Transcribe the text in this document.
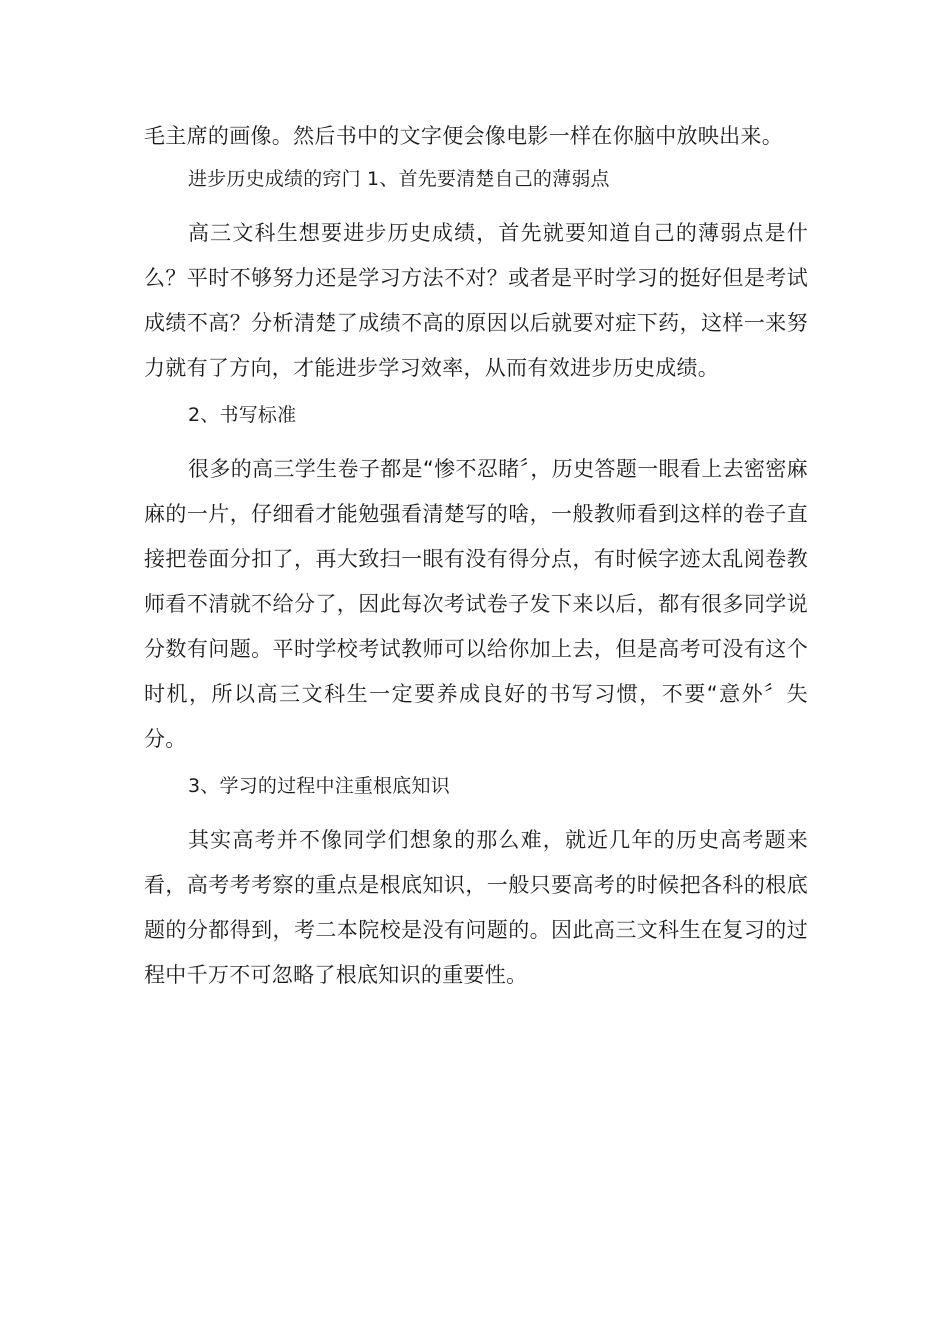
毛主席的画像。然后书中的文字便会像电影一样在你脑中放映出来。

进步历史成绩的窍门 1、首先要清楚自己的薄弱点

高三文科生想要进步历史成绩，首先就要知道自己的薄弱点是什么？平时不够努力还是学习方法不对？或者是平时学习的挺好但是考试成绩不高？分析清楚了成绩不高的原因以后就要对症下药，这样一来努力就有了方向，才能进步学习效率，从而有效进步历史成绩。

2、书写标准

很多的高三学生卷子都是“惨不忍睹〞，历史答题一眼看上去密密麻麻的一片，仔细看才能勉强看清楚写的啥，一般教师看到这样的卷子直接把卷面分扣了，再大致扫一眼有没有得分点，有时候字迹太乱阅卷教师看不清就不给分了，因此每次考试卷子发下来以后，都有很多同学说分数有问题。平时学校考试教师可以给你加上去，但是高考可没有这个时机，所以高三文科生一定要养成良好的书写习惯，不要“意外〞失分。

3、学习的过程中注重根底知识

其实高考并不像同学们想象的那么难，就近几年的历史高考题来看，高考考考察的重点是根底知识，一般只要高考的时候把各科的根底题的分都得到，考二本院校是没有问题的。因此高三文科生在复习的过程中千万不可忽略了根底知识的重要性。
